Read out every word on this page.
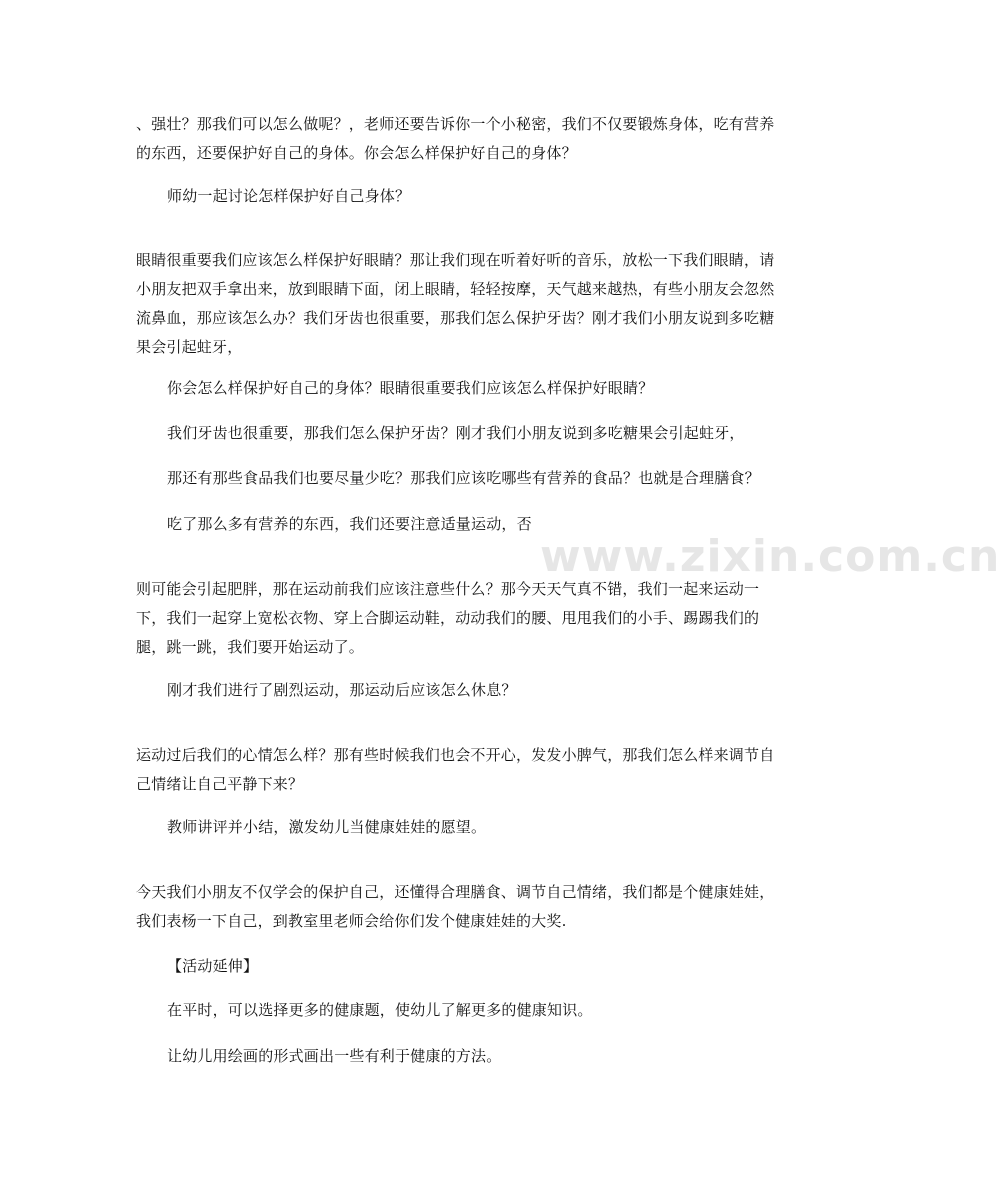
www.zixin.com.cn

、强壮？那我们可以怎么做呢？，老师还要告诉你一个小秘密，我们不仅要锻炼身体，吃有营养的东西，还要保护好自己的身体。你会怎么样保护好自己的身体？

师幼一起讨论怎样保护好自己身体？

眼睛很重要我们应该怎么样保护好眼睛？那让我们现在听着好听的音乐，放松一下我们眼睛，请小朋友把双手拿出来，放到眼睛下面，闭上眼睛，轻轻按摩，天气越来越热，有些小朋友会忽然流鼻血，那应该怎么办？我们牙齿也很重要，那我们怎么保护牙齿？刚才我们小朋友说到多吃糖果会引起蛀牙，

你会怎么样保护好自己的身体？眼睛很重要我们应该怎么样保护好眼睛？

我们牙齿也很重要，那我们怎么保护牙齿？刚才我们小朋友说到多吃糖果会引起蛀牙，

那还有那些食品我们也要尽量少吃？那我们应该吃哪些有营养的食品？也就是合理膳食？

吃了那么多有营养的东西，我们还要注意适量运动，否

则可能会引起肥胖，那在运动前我们应该注意些什么？那今天天气真不错，我们一起来运动一下，我们一起穿上宽松衣物、穿上合脚运动鞋，动动我们的腰、甩甩我们的小手、踢踢我们的腿，跳一跳，我们要开始运动了。

刚才我们进行了剧烈运动，那运动后应该怎么休息？

运动过后我们的心情怎么样？那有些时候我们也会不开心，发发小脾气，那我们怎么样来调节自己情绪让自己平静下来？

教师讲评并小结，激发幼儿当健康娃娃的愿望。

今天我们小朋友不仅学会的保护自己，还懂得合理膳食、调节自己情绪，我们都是个健康娃娃，我们表杨一下自己，到教室里老师会给你们发个健康娃娃的大奖.

【活动延伸】

在平时，可以选择更多的健康题，使幼儿了解更多的健康知识。

让幼儿用绘画的形式画出一些有利于健康的方法。
